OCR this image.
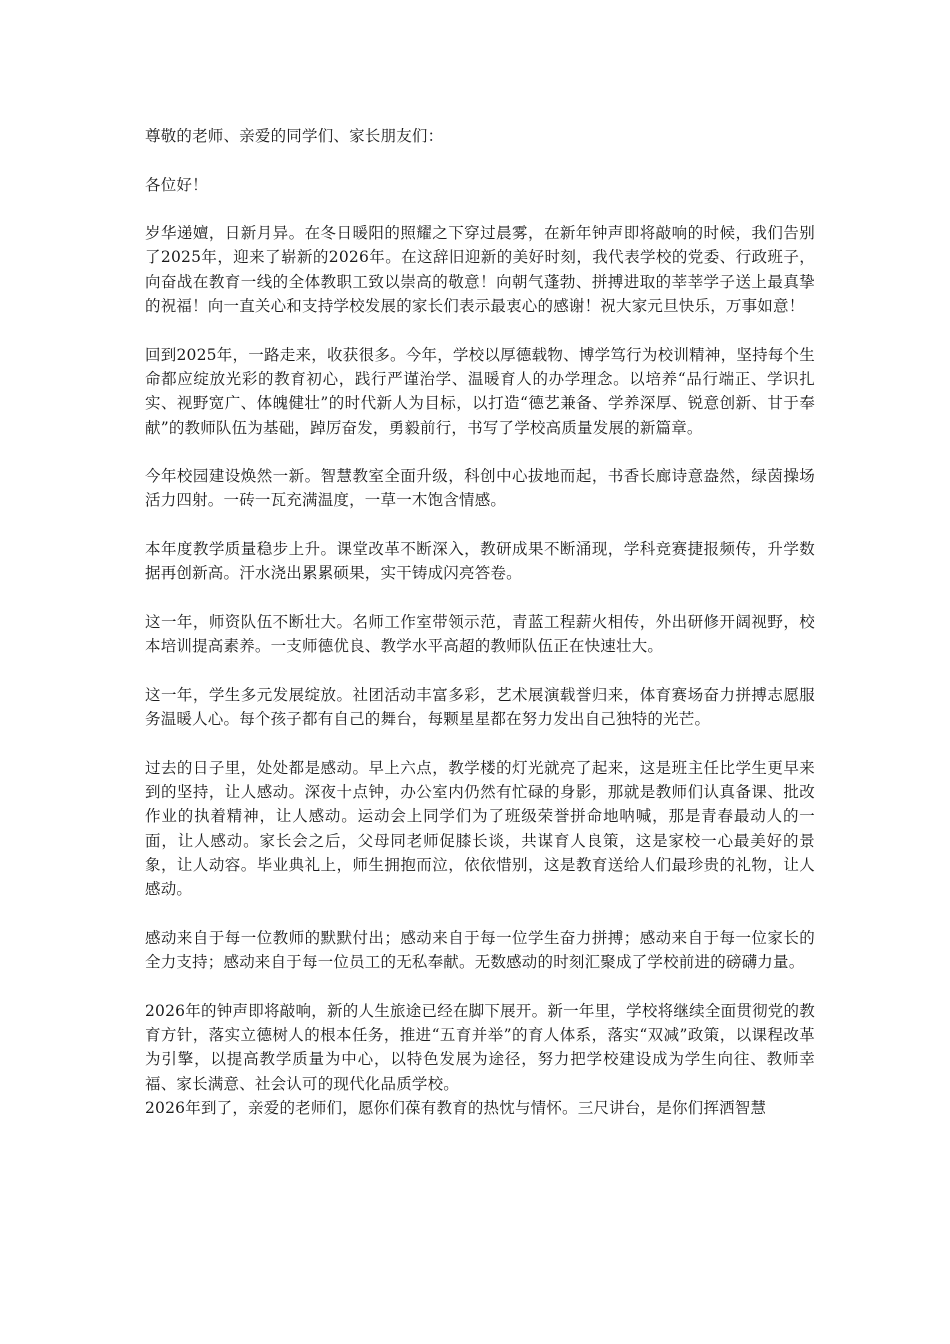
尊敬的老师、亲爱的同学们、家长朋友们：

各位好！

岁华递嬗，日新月异。在冬日暖阳的照耀之下穿过晨雾，在新年钟声即将敲响的时候，我们告别了2025年，迎来了崭新的2026年。在这辞旧迎新的美好时刻，我代表学校的党委、行政班子，向奋战在教育一线的全体教职工致以崇高的敬意！向朝气蓬勃、拼搏进取的莘莘学子送上最真挚的祝福！向一直关心和支持学校发展的家长们表示最衷心的感谢！祝大家元旦快乐，万事如意！

回到2025年，一路走来，收获很多。今年，学校以厚德载物、博学笃行为校训精神，坚持每个生命都应绽放光彩的教育初心，践行严谨治学、温暖育人的办学理念。以培养“品行端正、学识扎实、视野宽广、体魄健壮”的时代新人为目标，以打造“德艺兼备、学养深厚、锐意创新、甘于奉献”的教师队伍为基础，踔厉奋发，勇毅前行，书写了学校高质量发展的新篇章。

今年校园建设焕然一新。智慧教室全面升级，科创中心拔地而起，书香长廊诗意盎然，绿茵操场活力四射。一砖一瓦充满温度，一草一木饱含情感。

本年度教学质量稳步上升。课堂改革不断深入，教研成果不断涌现，学科竞赛捷报频传，升学数据再创新高。汗水浇出累累硕果，实干铸成闪亮答卷。

这一年，师资队伍不断壮大。名师工作室带领示范，青蓝工程薪火相传，外出研修开阔视野，校本培训提高素养。一支师德优良、教学水平高超的教师队伍正在快速壮大。

这一年，学生多元发展绽放。社团活动丰富多彩，艺术展演载誉归来，体育赛场奋力拼搏志愿服务温暖人心。每个孩子都有自己的舞台，每颗星星都在努力发出自己独特的光芒。

过去的日子里，处处都是感动。早上六点，教学楼的灯光就亮了起来，这是班主任比学生更早来到的坚持，让人感动。深夜十点钟，办公室内仍然有忙碌的身影，那就是教师们认真备课、批改作业的执着精神，让人感动。运动会上同学们为了班级荣誉拼命地呐喊，那是青春最动人的一面，让人感动。家长会之后，父母同老师促膝长谈，共谋育人良策，这是家校一心最美好的景象，让人动容。毕业典礼上，师生拥抱而泣，依依惜别，这是教育送给人们最珍贵的礼物，让人感动。

感动来自于每一位教师的默默付出；感动来自于每一位学生奋力拼搏；感动来自于每一位家长的全力支持；感动来自于每一位员工的无私奉献。无数感动的时刻汇聚成了学校前进的磅礴力量。

2026年的钟声即将敲响，新的人生旅途已经在脚下展开。新一年里，学校将继续全面贯彻党的教育方针，落实立德树人的根本任务，推进“五育并举”的育人体系，落实“双减”政策，以课程改革为引擎，以提高教学质量为中心，以特色发展为途径，努力把学校建设成为学生向往、教师幸福、家长满意、社会认可的现代化品质学校。

2026年到了，亲爱的老师们，愿你们葆有教育的热忱与情怀。三尺讲台，是你们挥洒智慧
